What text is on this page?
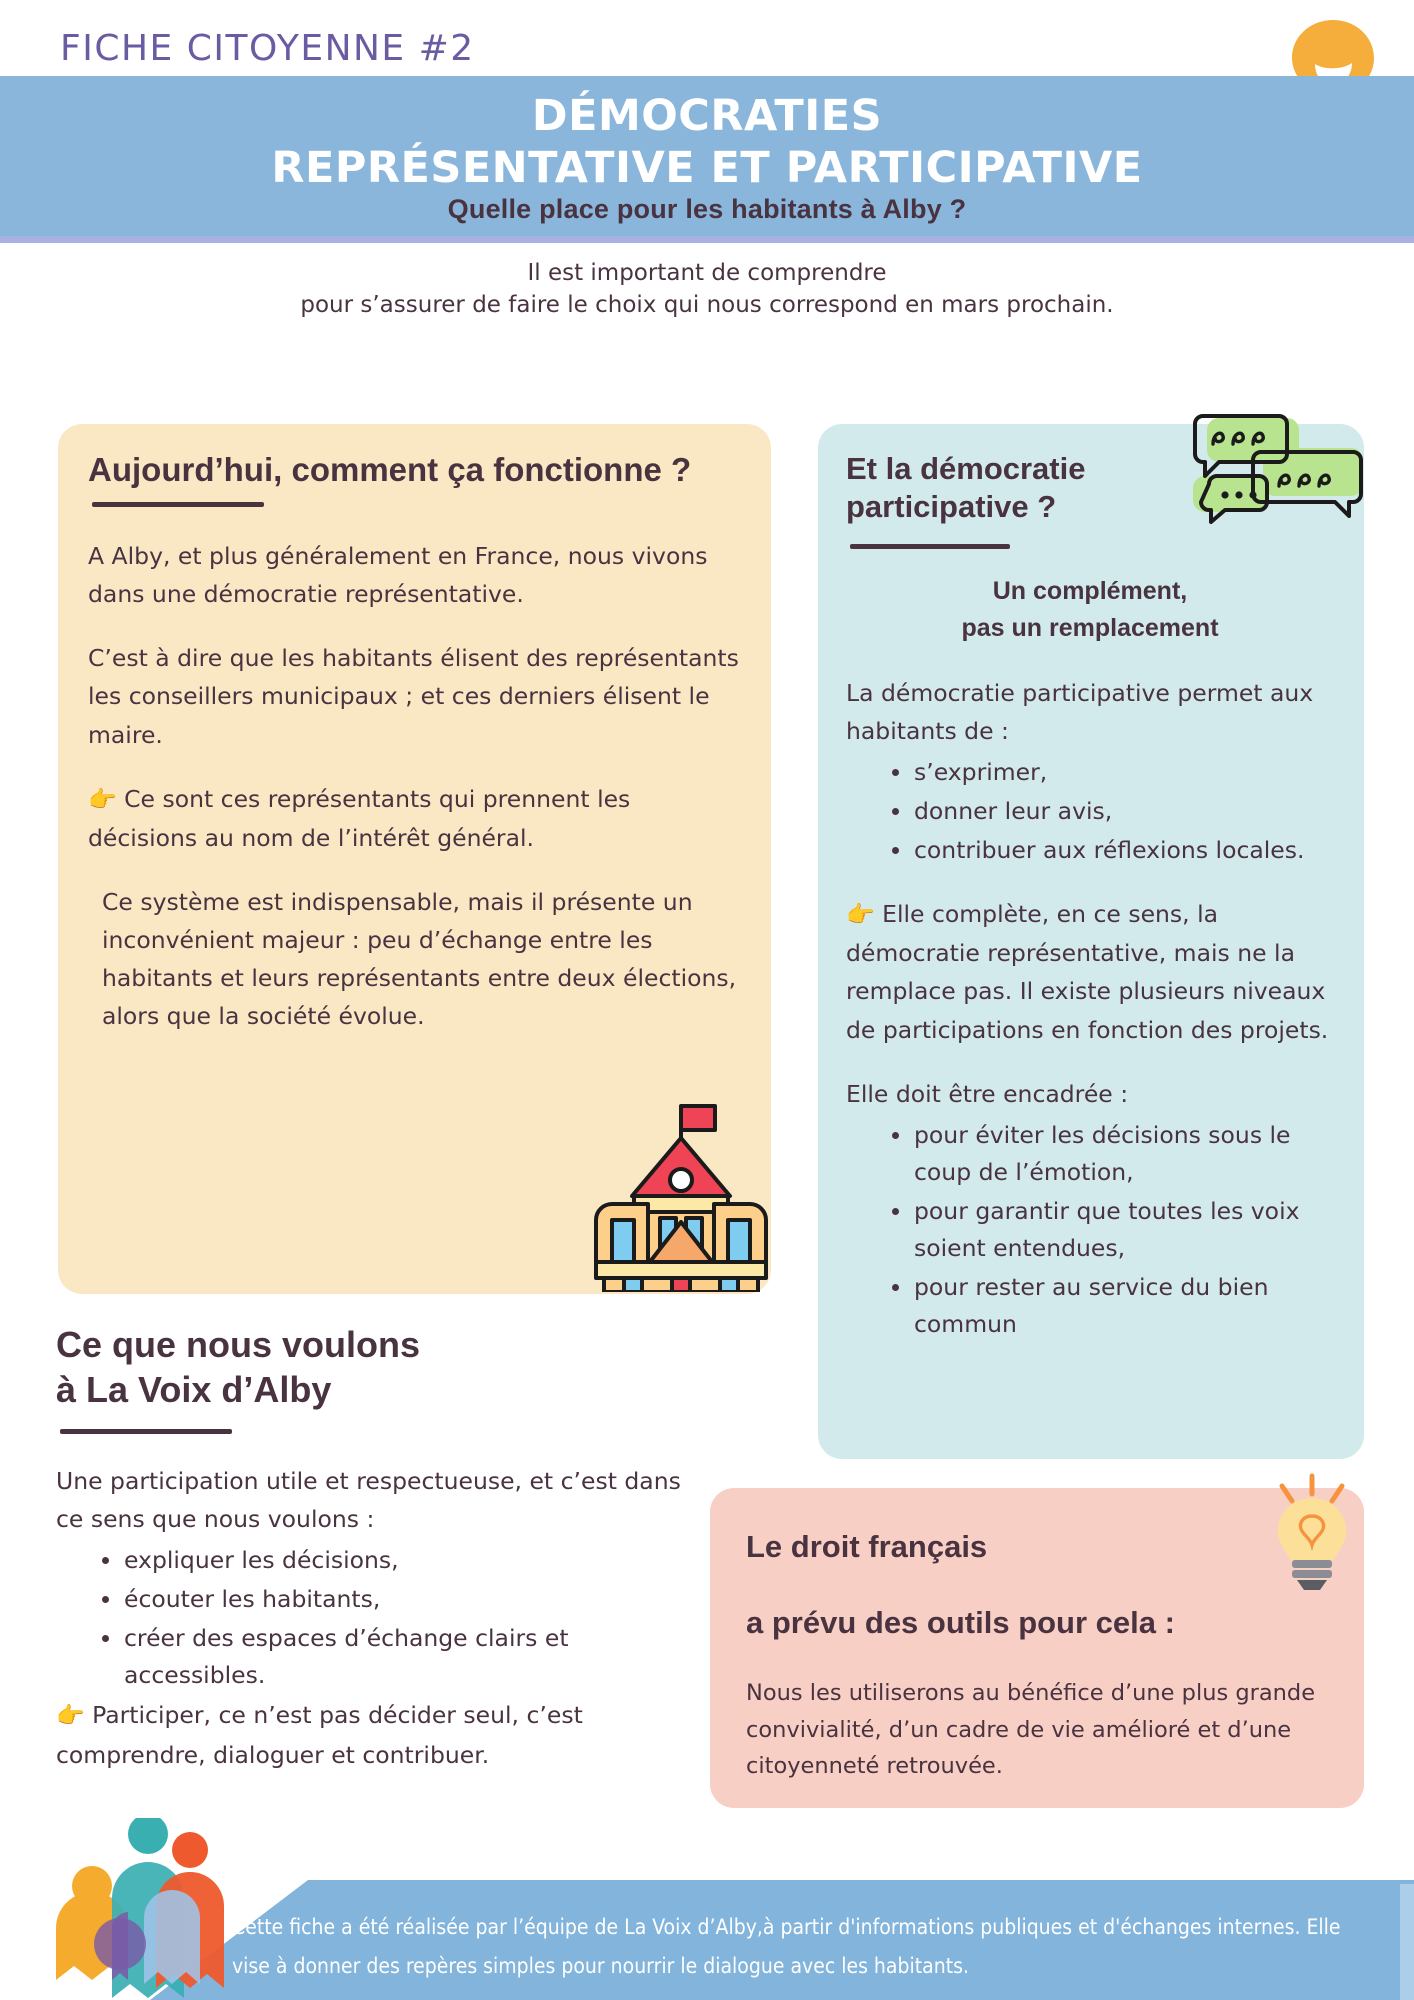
FICHE CITOYENNE #2
DÉMOCRATIES
REPRÉSENTATIVE ET PARTICIPATIVE
Quelle place pour les habitants à Alby ?
Il est important de comprendre
pour s’assurer de faire le choix qui nous correspond en mars prochain.
Aujourd’hui, comment ça fonctionne ?

A Alby, et plus généralement en France, nous vivons dans une démocratie représentative.

C’est à dire que les habitants élisent des représentants les conseillers municipaux ; et ces derniers élisent le maire.

👉 Ce sont ces représentants qui prennent les décisions au nom de l’intérêt général.

Ce système est indispensable, mais il présente un inconvénient majeur : peu d’échange entre les habitants et leurs représentants entre deux élections, alors que la société évolue.

Et la démocratie
participative ?
Un complément,
pas un remplacement

La démocratie participative permet aux habitants de :

s’exprimer,
donner leur avis,
contribuer aux réflexions locales.

👉 Elle complète, en ce sens, la démocratie représentative, mais ne la remplace pas. Il existe plusieurs niveaux de participations en fonction des projets.

Elle doit être encadrée :

pour éviter les décisions sous le coup de l’émotion,
pour garantir que toutes les voix soient entendues,
pour rester au service du bien commun
Ce que nous voulons
à La Voix d’Alby

Une participation utile et respectueuse, et c’est dans ce sens que nous voulons :

expliquer les décisions,
écouter les habitants,
créer des espaces d’échange clairs et accessibles.

👉 Participer, ce n’est pas décider seul, c’est comprendre, dialoguer et contribuer.

Le droit français

a prévu des outils pour cela :

Nous les utiliserons au bénéfice d’une plus grande convivialité, d’un cadre de vie amélioré et d’une citoyenneté retrouvée.

Cette fiche a été réalisée par l’équipe de La Voix d’Alby,à partir d'informations publiques et d'échanges internes. Elle vise à donner des repères simples pour nourrir le dialogue avec les habitants.
